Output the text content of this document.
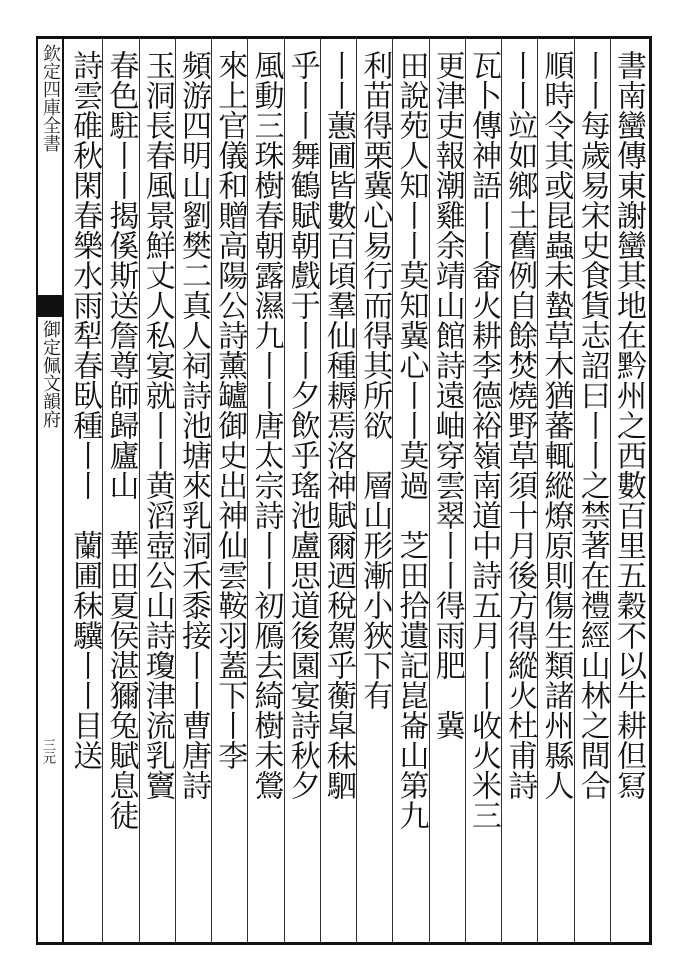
欽定四庫全書
御定佩文韻府
三元	書南蠻傳東謝蠻其地在黔州之西數百里五穀不以牛耕但冩
丨丨每歲易宋史食貨志詔曰丨丨之禁著在禮經山林之間合
順時令其或昆蟲未蟄草木猶蕃輒縱燎原則傷生類諸州縣人
丨丨竝如鄉土舊例自餘焚燒野草須十月後方得縱火杜甫詩
瓦卜傳神語丨丨畬火耕李德裕嶺南道中詩五月丨丨收火米三
更津吏報潮雞余靖山館詩遠岫穿雲翠丨丨得雨肥　冀
田說苑人知丨丨莫知冀心丨丨莫過　芝田拾遺記崑崙山第九
利苗得栗冀心易行而得其所欲　層山形漸小狹下有
丨丨蕙圃皆數百頃羣仙種耨焉洛神賦爾迺稅駕乎蘅皐秣駟
乎丨丨舞鶴賦朝戲于丨丨夕飲乎瑤池盧思道後園宴詩秋夕
風動三珠樹春朝露濕九丨丨唐太宗詩丨丨初鴈去綺樹未鶯
來上官儀和贈高陽公詩薰罏御史出神仙雲鞍羽蓋下丨李
頻游四明山劉樊二真人祠詩池塘來乳洞禾黍接丨丨曹唐詩
玉洞長春風景鮮丈人私宴就丨丨黄滔壺公山詩瓊津流乳竇
春色駐丨丨揭傒斯送詹尊師歸廬山　華田夏侯湛獮兔賦息徒
詩雲碓秋閑春樂水雨犁春臥種丨丨　蘭圃秣驥丨丨目送
